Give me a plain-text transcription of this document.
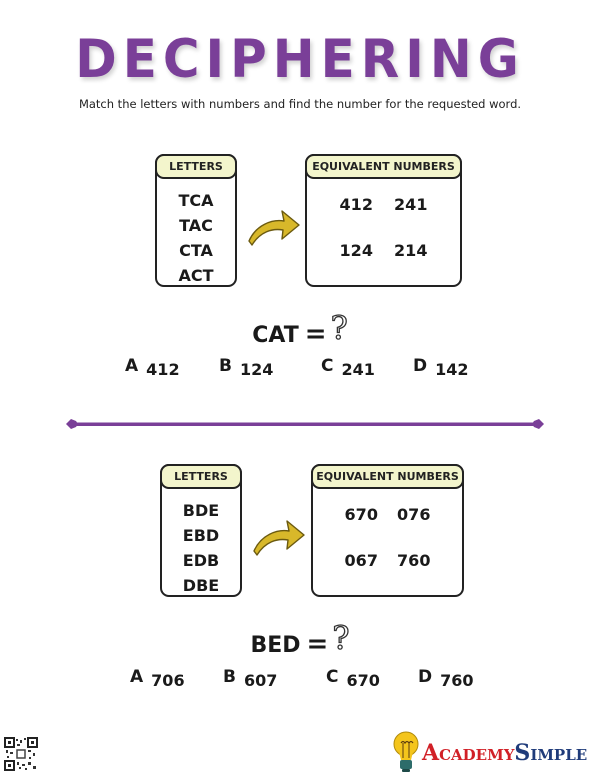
DECIPHERING
Match the letters with numbers and find the number for the requested word.
LETTERS
TCA
TAC
CTA
ACT
EQUIVALENT NUMBERS
412	241
124	214
CAT = ?
A 412 B 124	C 241 D 142
LETTERS
BDE
EBD
EDB
DBE
EQUIVALENT NUMBERS
670	076
067	760
BED = ?
A 706 B 607	C 670 D 760
ACADEMYSIMPLE
